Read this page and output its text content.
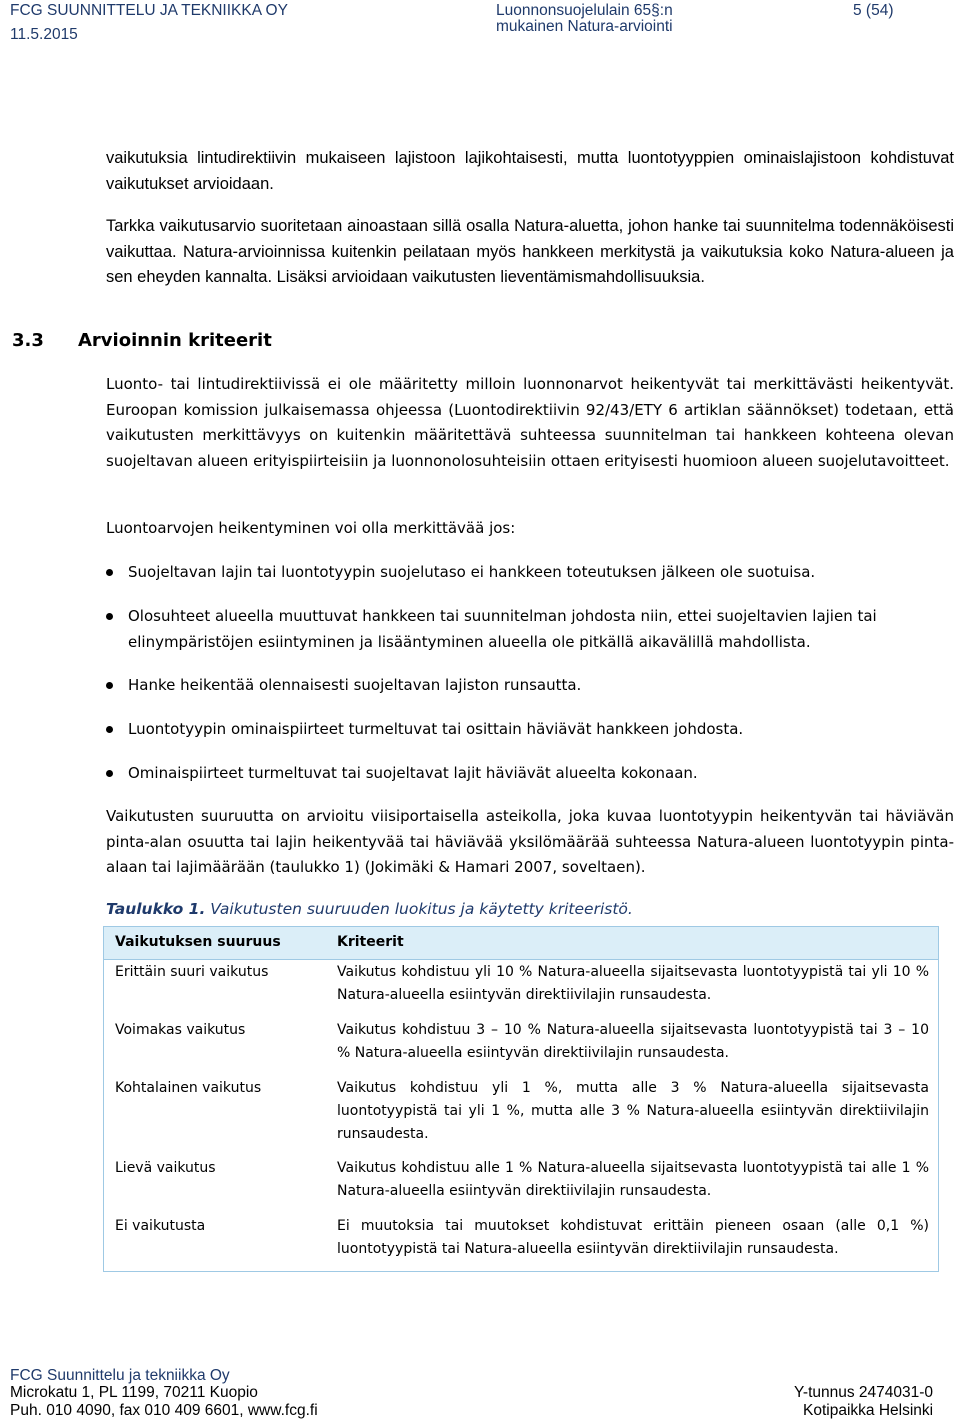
FCG SUUNNITTELU JA TEKNIIKKA OY
11.5.2015
Luonnonsuojelulain 65§:n
mukainen Natura-arviointi
5 (54)

vaikutuksia lintudirektiivin mukaiseen lajistoon lajikohtaisesti, mutta luontotyyppien ominaislajistoon kohdistuvat vaikutukset arvioidaan.

Tarkka vaikutusarvio suoritetaan ainoastaan sillä osalla Natura-aluetta, johon hanke tai suunnitelma todennäköisesti vaikuttaa. Natura-arvioinnissa kuitenkin peilataan myös hankkeen merkitystä ja vaikutuksia koko Natura-alueen ja sen eheyden kannalta. Lisäksi arvioidaan vaikutusten lieventämismahdollisuuksia.

3.3 Arvioinnin kriteerit

Luonto- tai lintudirektiivissä ei ole määritetty milloin luonnonarvot heikentyvät tai merkittävästi heikentyvät. Euroopan komission julkaisemassa ohjeessa (Luontodirektiivin 92/43/ETY 6 artiklan säännökset) todetaan, että vaikutusten merkittävyys on kuitenkin määritettävä suhteessa suunnitelman tai hankkeen kohteena olevan suojeltavan alueen erityispiirteisiin ja luonnonolosuhteisiin ottaen erityisesti huomioon alueen suojelutavoitteet.

Luontoarvojen heikentyminen voi olla merkittävää jos:

Suojeltavan lajin tai luontotyypin suojelutaso ei hankkeen toteutuksen jälkeen ole suotuisa.
Olosuhteet alueella muuttuvat hankkeen tai suunnitelman johdosta niin, ettei suojeltavien lajien tai elinympäristöjen esiintyminen ja lisääntyminen alueella ole pitkällä aikavälillä mahdollista.
Hanke heikentää olennaisesti suojeltavan lajiston runsautta.
Luontotyypin ominaispiirteet turmeltuvat tai osittain häviävät hankkeen johdosta.
Ominaispiirteet turmeltuvat tai suojeltavat lajit häviävät alueelta kokonaan.

Vaikutusten suuruutta on arvioitu viisiportaisella asteikolla, joka kuvaa luontotyypin heikentyvän tai häviävän pinta-alan osuutta tai lajin heikentyvää tai häviävää yksilömäärää suhteessa Natura-alueen luontotyypin pinta-alaan tai lajimäärään (taulukko 1) (Jokimäki & Hamari 2007, soveltaen).

Taulukko 1. Vaikutusten suuruuden luokitus ja käytetty kriteeristö.
Vaikutuksen suuruus	Kriteerit
Erittäin suuri vaikutus	Vaikutus kohdistuu yli 10 % Natura-alueella sijaitsevasta luontotyypistä tai yli 10 % Natura-alueella esiintyvän direktiivilajin runsaudesta.
Voimakas vaikutus	Vaikutus kohdistuu 3 – 10 % Natura-alueella sijaitsevasta luontotyypistä tai 3 – 10 % Natura-alueella esiintyvän direktiivilajin runsaudesta.
Kohtalainen vaikutus	Vaikutus kohdistuu yli 1 %, mutta alle 3 % Natura-alueella sijaitsevasta luontotyypistä tai yli 1 %, mutta alle 3 % Natura-alueella esiintyvän direktiivilajin runsaudesta.
Lievä vaikutus	Vaikutus kohdistuu alle 1 % Natura-alueella sijaitsevasta luontotyypistä tai alle 1 % Natura-alueella esiintyvän direktiivilajin runsaudesta.
Ei vaikutusta	Ei muutoksia tai muutokset kohdistuvat erittäin pieneen osaan (alle 0,1 %) luontotyypistä tai Natura-alueella esiintyvän direktiivilajin runsaudesta.
FCG Suunnittelu ja tekniikka Oy
Microkatu 1, PL 1199, 70211 Kuopio
Puh. 010 4090, fax 010 409 6601, www.fcg.fi
Y-tunnus 2474031-0
Kotipaikka Helsinki
